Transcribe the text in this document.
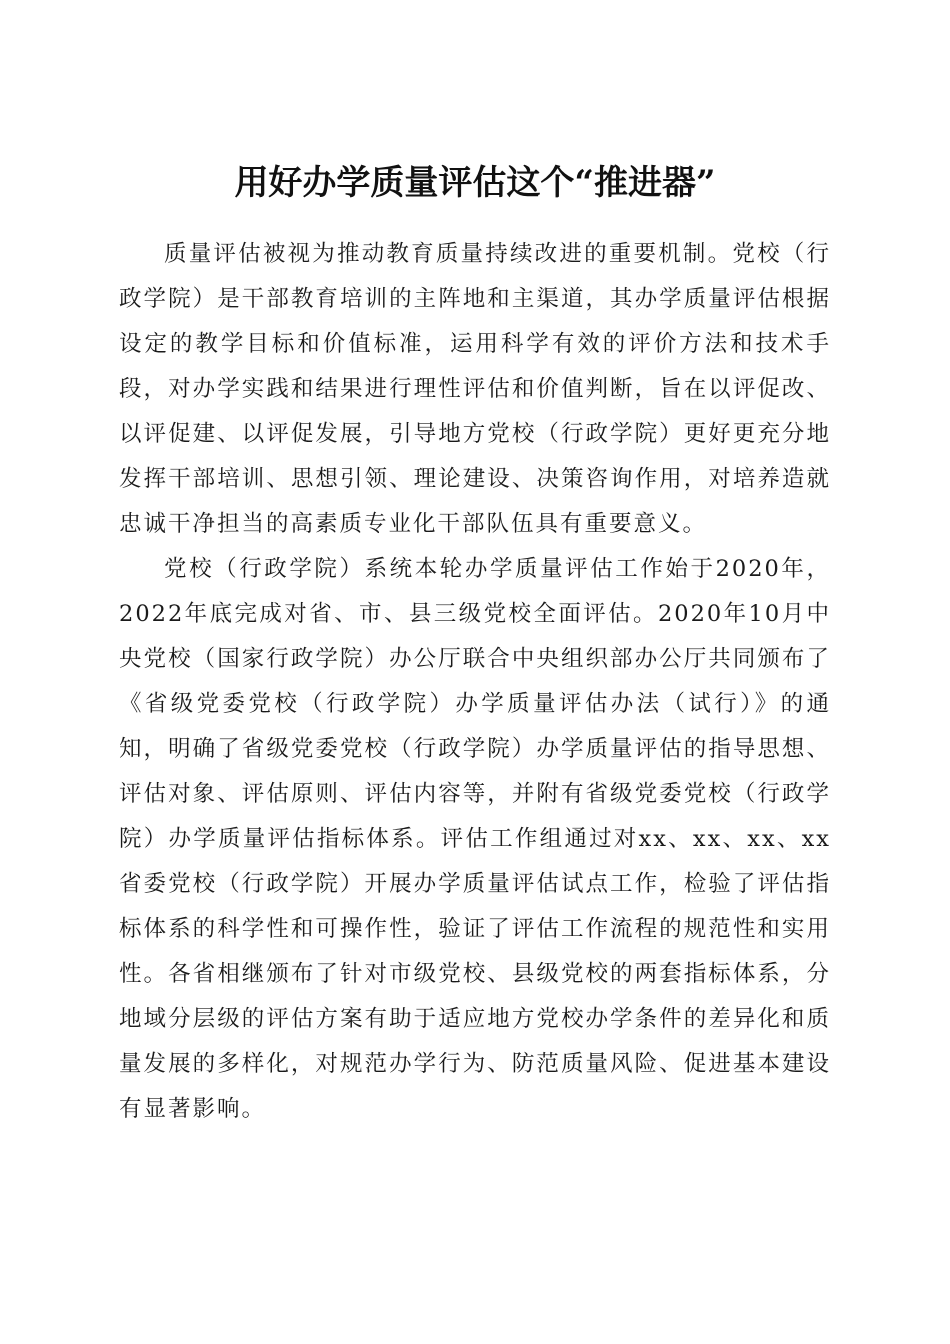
用好办学质量评估这个“推进器”

质量评估被视为推动教育质量持续改进的重要机制。党校（行政学院）是干部教育培训的主阵地和主渠道，其办学质量评估根据设定的教学目标和价值标准，运用科学有效的评价方法和技术手段，对办学实践和结果进行理性评估和价值判断，旨在以评促改、以评促建、以评促发展，引导地方党校（行政学院）更好更充分地发挥干部培训、思想引领、理论建设、决策咨询作用，对培养造就忠诚干净担当的高素质专业化干部队伍具有重要意义。

党校（行政学院）系统本轮办学质量评估工作始于2020年，2022年底完成对省、市、县三级党校全面评估。2020年10月中央党校（国家行政学院）办公厅联合中央组织部办公厅共同颁布了《省级党委党校（行政学院）办学质量评估办法（试行）》的通知，明确了省级党委党校（行政学院）办学质量评估的指导思想、评估对象、评估原则、评估内容等，并附有省级党委党校（行政学院）办学质量评估指标体系。评估工作组通过对xx、xx、xx、xx省委党校（行政学院）开展办学质量评估试点工作，检验了评估指标体系的科学性和可操作性，验证了评估工作流程的规范性和实用性。各省相继颁布了针对市级党校、县级党校的两套指标体系，分地域分层级的评估方案有助于适应地方党校办学条件的差异化和质量发展的多样化，对规范办学行为、防范质量风险、促进基本建设有显著影响。
